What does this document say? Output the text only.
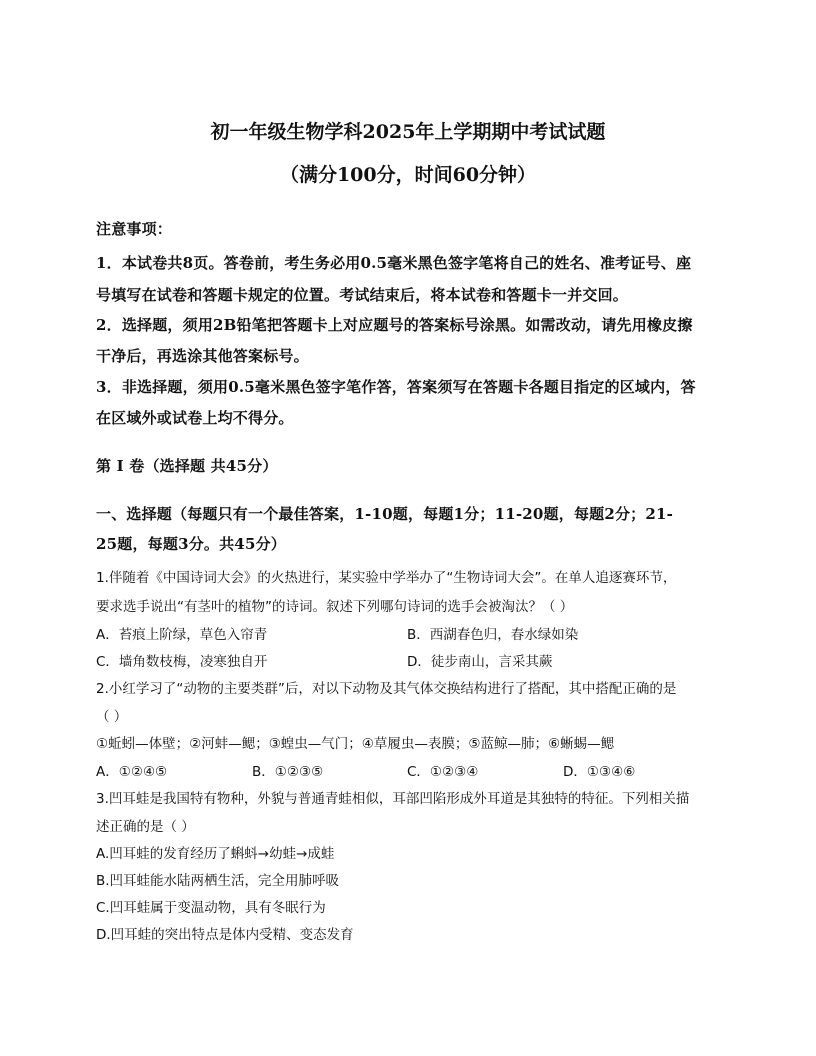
初一年级生物学科2025年上学期期中考试试题
（满分100分，时间60分钟）
注意事项：
1．本试卷共8页。答卷前，考生务必用0.5毫米黑色签字笔将自己的姓名、准考证号、座
号填写在试卷和答题卡规定的位置。考试结束后，将本试卷和答题卡一并交回。
2．选择题，须用2B铅笔把答题卡上对应题号的答案标号涂黑。如需改动，请先用橡皮擦
干净后，再选涂其他答案标号。
3．非选择题，须用0.5毫米黑色签字笔作答，答案须写在答题卡各题目指定的区域内，答
在区域外或试卷上均不得分。
第 Ⅰ 卷（选择题 共45分）
一、选择题（每题只有一个最佳答案，1-10题，每题1分；11-20题，每题2分；21-
25题，每题3分。共45分）
1.伴随着《中国诗词大会》的火热进行，某实验中学举办了“生物诗词大会”。在单人追逐赛环节，
要求选手说出“有茎叶的植物”的诗词。叙述下列哪句诗词的选手会被淘汰？（ ）
A．苔痕上阶绿，草色入帘青	B．西湖春色归，春水绿如染
C．墙角数枝梅，凌寒独自开	D．徒步南山，言采其蕨
2.小红学习了“动物的主要类群”后，对以下动物及其气体交换结构进行了搭配，其中搭配正确的是
（ ）
①蚯蚓—体壁；②河蚌—鳃；③蝗虫—气门；④草履虫—表膜；⑤蓝鲸—肺；⑥蜥蜴—鳃
A．①②④⑤	B．①②③⑤	C．①②③④	D．①③④⑥
3.凹耳蛙是我国特有物种，外貌与普通青蛙相似，耳部凹陷形成外耳道是其独特的特征。下列相关描
述正确的是（ ）
A.凹耳蛙的发育经历了蝌蚪→幼蛙→成蛙
B.凹耳蛙能水陆两栖生活，完全用肺呼吸
C.凹耳蛙属于变温动物，具有冬眠行为
D.凹耳蛙的突出特点是体内受精、变态发育
